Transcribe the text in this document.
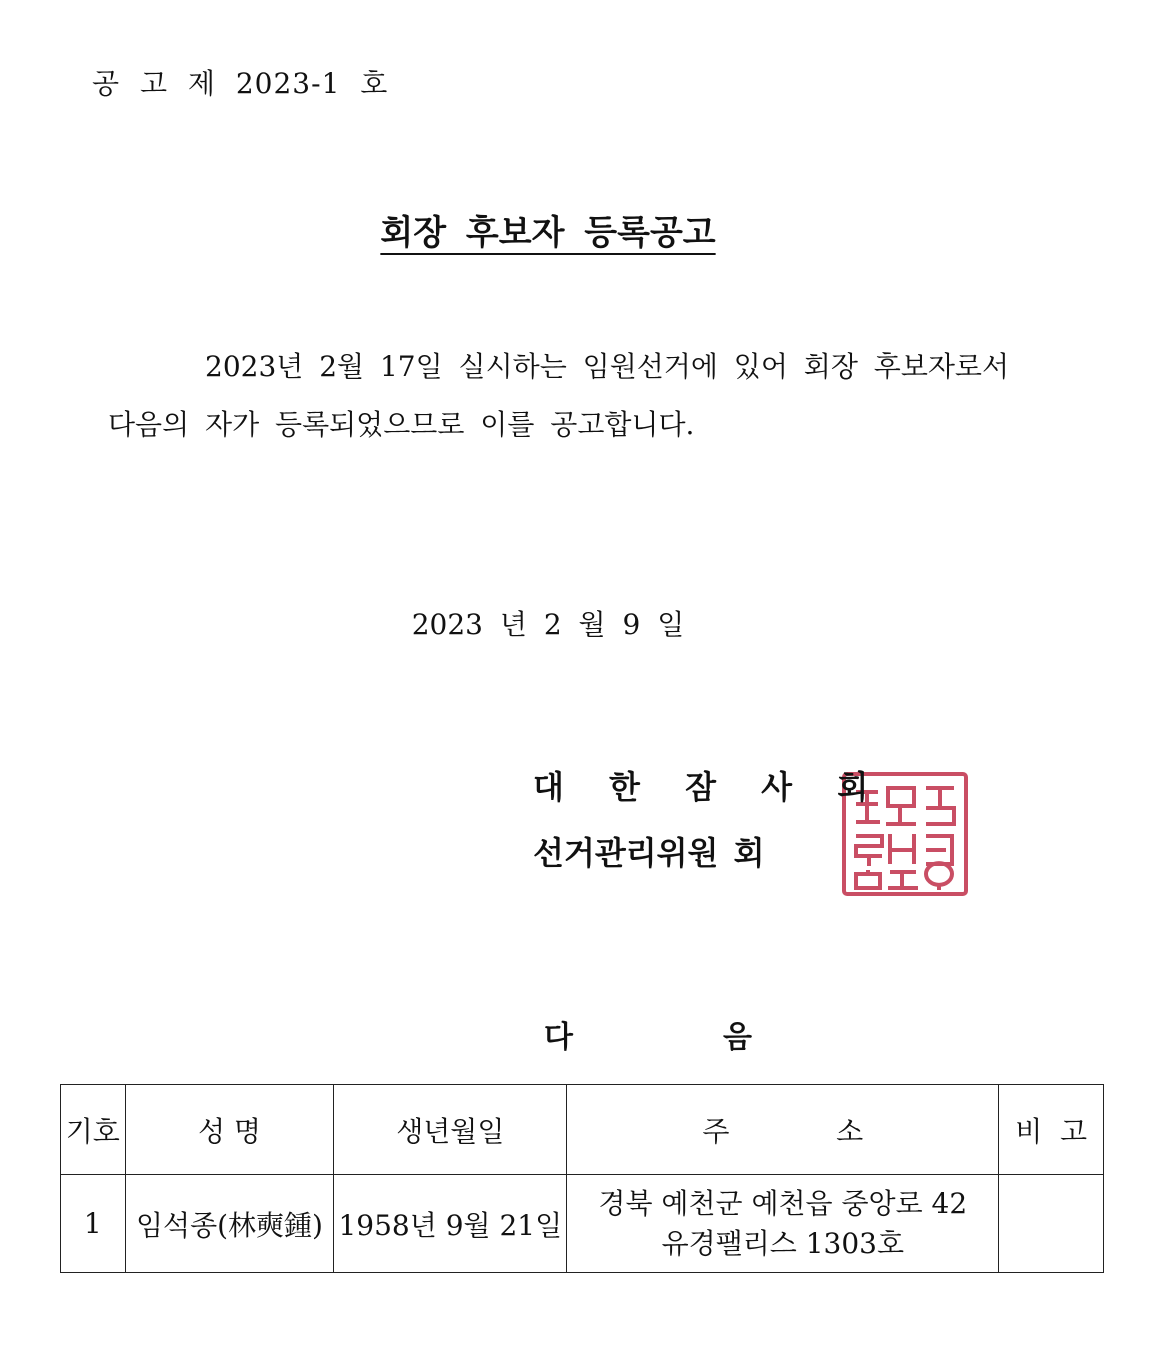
공 고 제 2023-1 호
회장 후보자 등록공고
2023년 2월 17일 실시하는 임원선거에 있어 회장 후보자로서
다음의 자가 등록되었으므로 이를 공고합니다.
2023 년 2 월 9 일
대 한 잠 사 회
선거관리위원 회
다	음
기호	성 명	생년월일	주            소	비  고
1	임석종(林奭鍾)	1958년 9월 21일	경북 예천군 예천읍 중앙로 42
유경팰리스 1303호	
